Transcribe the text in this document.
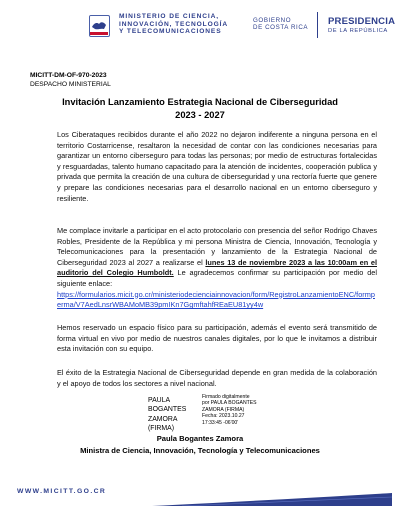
MINISTERIO DE CIENCIA,
INNOVACIÓN, TECNOLOGÍA
Y TELECOMUNICACIONES
GOBIERNO
DE COSTA RICA
PRESIDENCIA
DE LA REPÚBLICA
MICITT-DM-OF-970-2023
DESPACHO MINISTERIAL
Invitación Lanzamiento Estrategia Nacional de Ciberseguridad
2023 - 2027
Los Ciberataques recibidos durante el año 2022 no dejaron indiferente a ninguna persona en el territorio Costarricense, resaltaron la necesidad de contar con las condiciones necesarias para garantizar un entorno ciberseguro para todas las personas; por medio de estructuras fortalecidas y resguardadas, talento humano capacitado para la atención de incidentes, cooperación publica y privada que permita la creación de una cultura de ciberseguridad y una rectoría fuerte que genere y prepare las condiciones necesarias para el desarrollo nacional en un entorno ciberseguro y resiliente.
Me complace invitarle a participar en el acto protocolario con presencia del señor Rodrigo Chaves Robles, Presidente de la República y mi persona Ministra de Ciencia, Innovación, Tecnología y Telecomunicaciones para la presentación y lanzamiento de la Estrategia Nacional de Ciberseguridad 2023 al 2027 a realizarse el lunes 13 de noviembre 2023 a las 10:00am en el auditorio del Colegio Humboldt. Le agradecemos confirmar su participación por medio del siguiente enlace:
https://formularios.micit.go.cr/ministeriodecienciainnovacion/form/RegistroLanzamientoENC/formperma/V7AedLnsrWBAMoMB39pmIKn7GgmftahfREaEU81yy4w
Hemos reservado un espacio físico para su participación, además el evento será transmitido de forma virtual en vivo por medio de nuestros canales digitales, por lo que le invitamos a distribuir esta invitación con su equipo.
El éxito de la Estrategia Nacional de Ciberseguridad depende en gran medida de la colaboración y el apoyo de todos los sectores a nivel nacional.
PAULA
BOGANTES
ZAMORA
(FIRMA)
Firmado digitalmente
por PAULA BOGANTES
ZAMORA (FIRMA)
Fecha: 2023.10.27
17:33:45 -06'00'
Paula Bogantes Zamora
Ministra de Ciencia, Innovación, Tecnología y Telecomunicaciones
WWW.MICITT.GO.CR
